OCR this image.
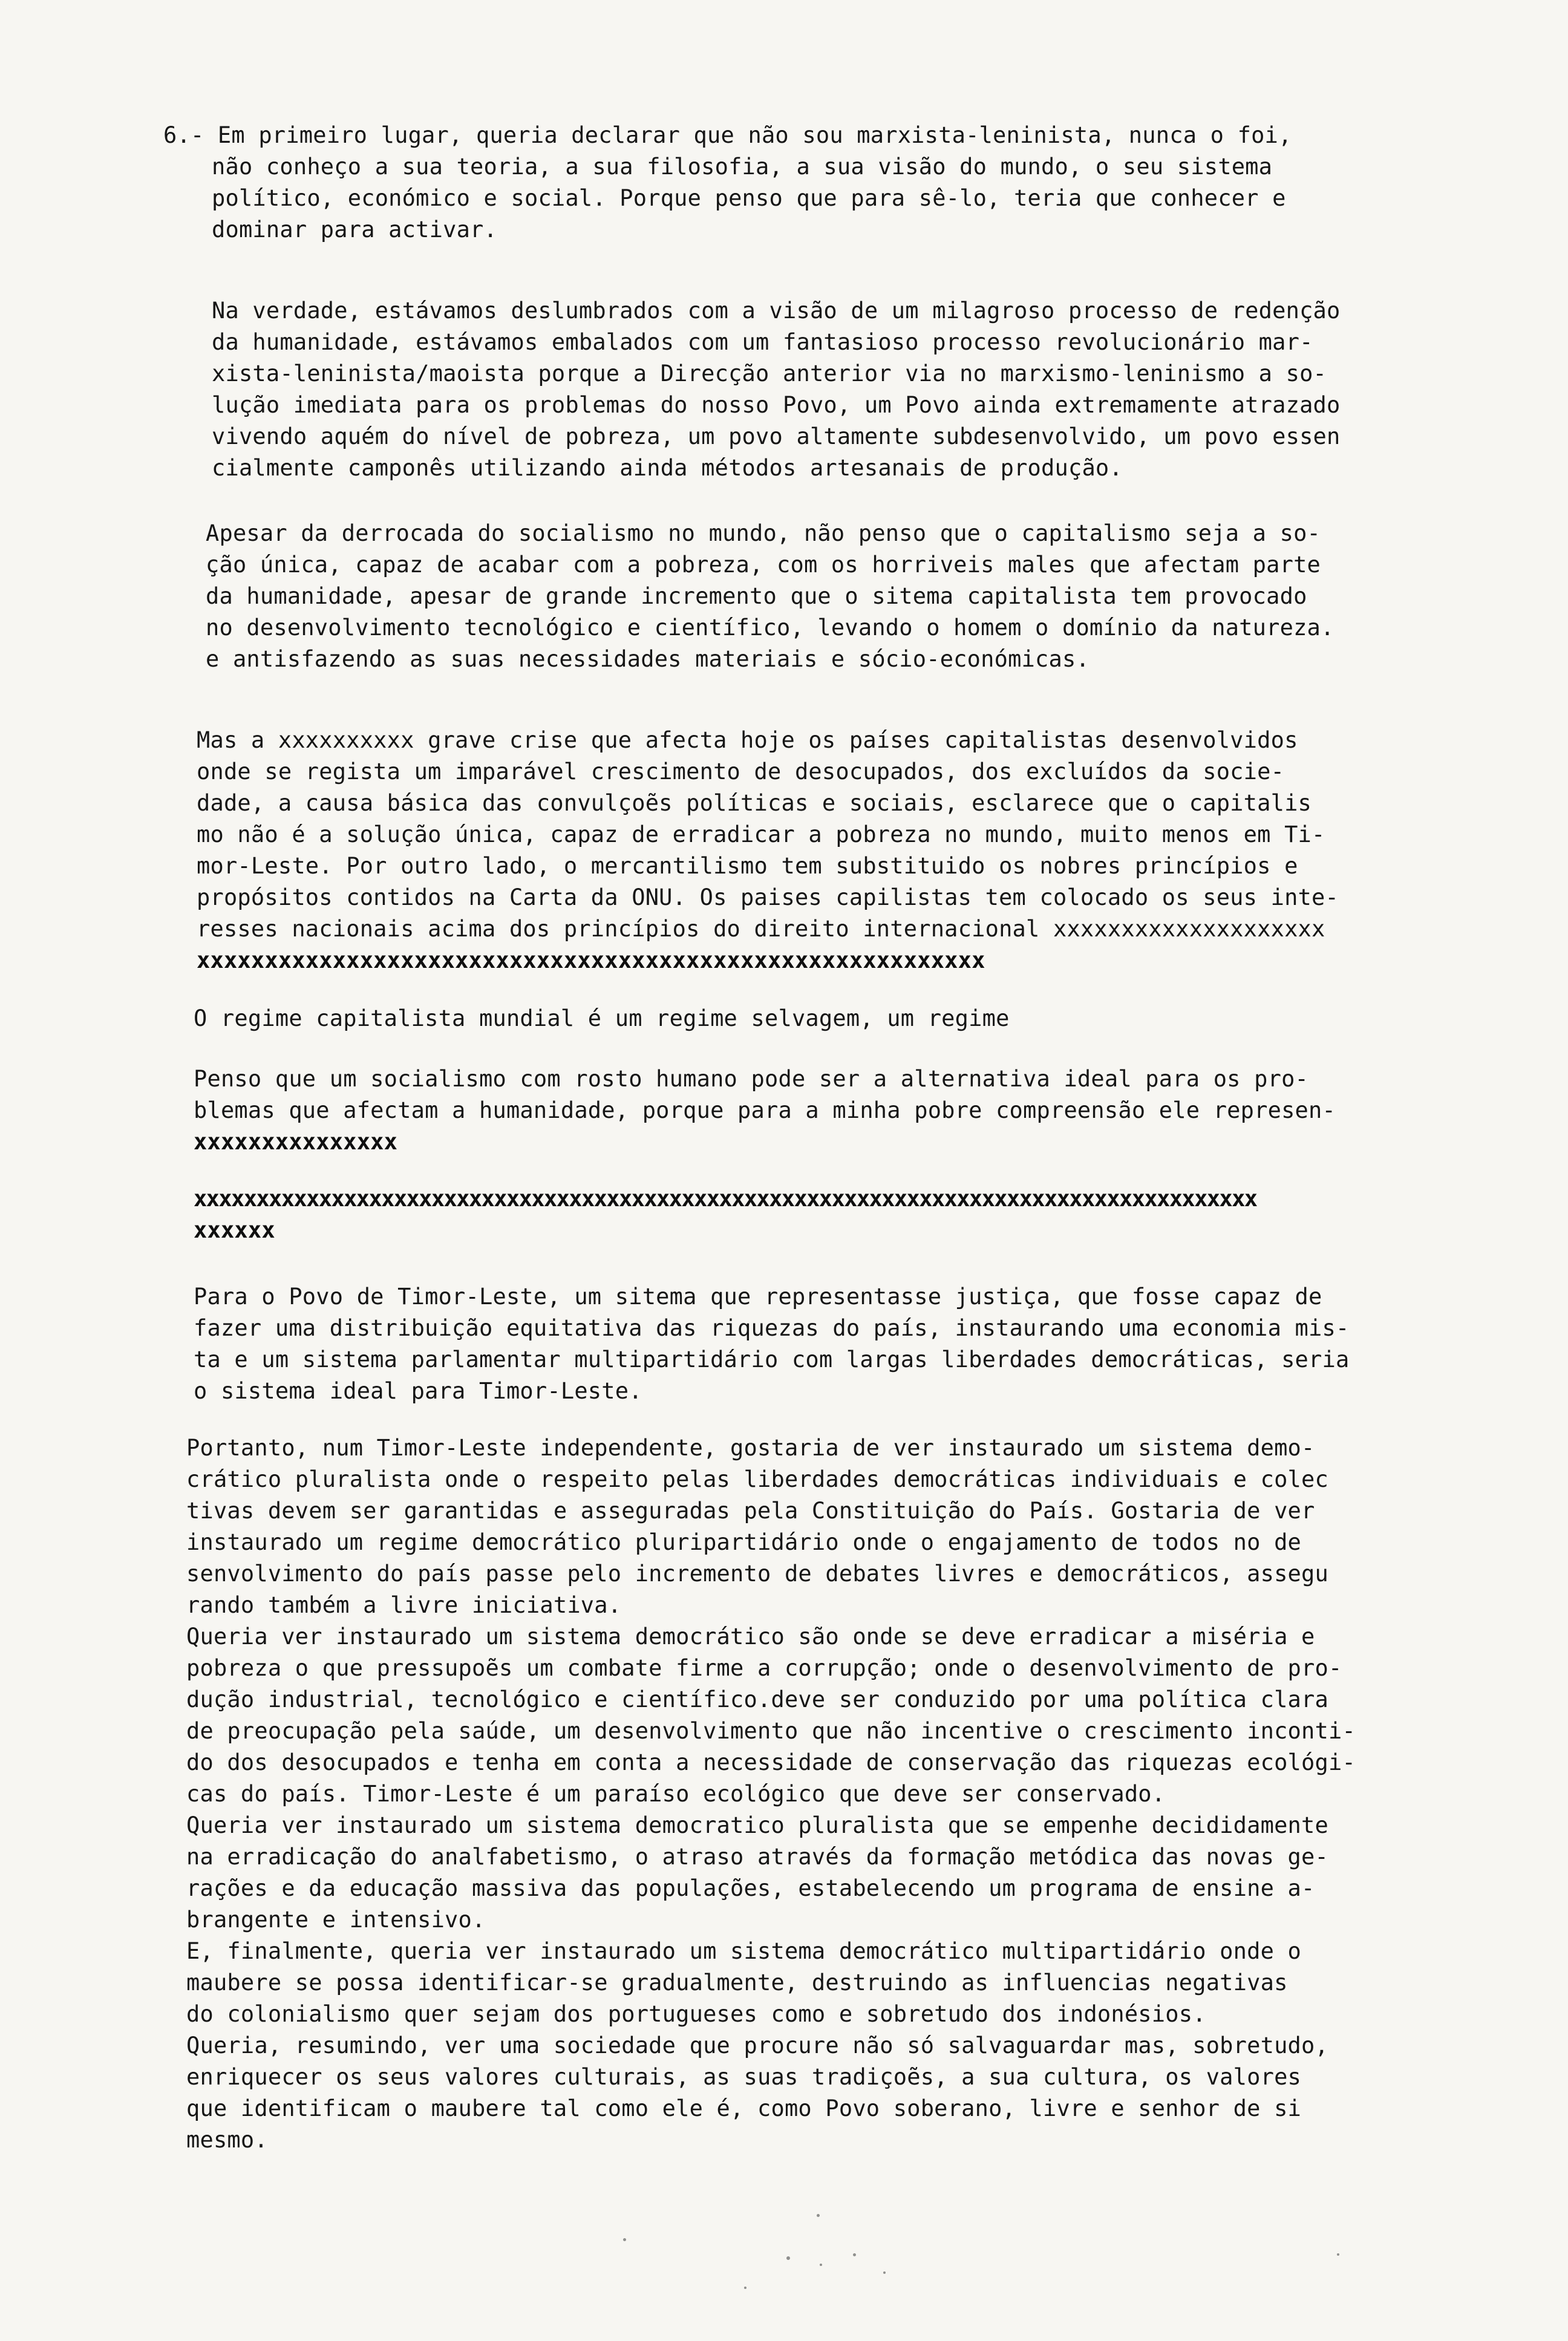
6.- Em primeiro lugar, queria declarar que não sou marxista-leninista, nunca o foi,
não conheço a sua teoria, a sua filosofia, a sua visão do mundo, o seu sistema
político, económico e social. Porque penso que para sê-lo, teria que conhecer e
dominar para activar.
Na verdade, estávamos deslumbrados com a visão de um milagroso processo de redenção
da humanidade, estávamos embalados com um fantasioso processo revolucionário mar-
xista-leninista/maoista porque a Direcção anterior via no marxismo-leninismo a so-
lução imediata para os problemas do nosso Povo, um Povo ainda extremamente atrazado
vivendo aquém do nível de pobreza, um povo altamente subdesenvolvido, um povo essen
cialmente camponês utilizando ainda métodos artesanais de produção.
Apesar da derrocada do socialismo no mundo, não penso que o capitalismo seja a so-
ção única, capaz de acabar com a pobreza, com os horriveis males que afectam parte
da humanidade, apesar de grande incremento que o sitema capitalista tem provocado
no desenvolvimento tecnológico e científico, levando o homem o domínio da natureza.
e antisfazendo as suas necessidades materiais e sócio-económicas.
Mas a xxxxxxxxxx grave crise que afecta hoje os países capitalistas desenvolvidos
onde se regista um imparável crescimento de desocupados, dos excluídos da socie-
dade, a causa básica das convulçoẽs políticas e sociais, esclarece que o capitalis
mo não é a solução única, capaz de erradicar a pobreza no mundo, muito menos em Ti-
mor-Leste. Por outro lado, o mercantilismo tem substituido os nobres princípios e
propósitos contidos na Carta da ONU. Os paises capilistas tem colocado os seus inte-
resses nacionais acima dos princípios do direito internacional xxxxxxxxxxxxxxxxxxxx
xxxxxxxxxxxxxxxxxxxxxxxxxxxxxxxxxxxxxxxxxxxxxxxxxxxxxxxxxx
O regime capitalista mundial é um regime selvagem, um regime
Penso que um socialismo com rosto humano pode ser a alternativa ideal para os pro-
blemas que afectam a humanidade, porque para a minha pobre compreensão ele represen-
xxxxxxxxxxxxxxx
xxxxxxxxxxxxxxxxxxxxxxxxxxxxxxxxxxxxxxxxxxxxxxxxxxxxxxxxxxxxxxxxxxxxxxxxxxxxxxxxxxxxx
xxxxxx
Para o Povo de Timor-Leste, um sitema que representasse justiça, que fosse capaz de
fazer uma distribuição equitativa das riquezas do país, instaurando uma economia mis-
ta e um sistema parlamentar multipartidário com largas liberdades democráticas, seria
o sistema ideal para Timor-Leste.
Portanto, num Timor-Leste independente, gostaria de ver instaurado um sistema demo-
crático pluralista onde o respeito pelas liberdades democráticas individuais e colec
tivas devem ser garantidas e asseguradas pela Constituição do País. Gostaria de ver
instaurado um regime democrático pluripartidário onde o engajamento de todos no de
senvolvimento do país passe pelo incremento de debates livres e democráticos, assegu
rando também a livre iniciativa.
Queria ver instaurado um sistema democrático são onde se deve erradicar a miséria e
pobreza o que pressupoẽs um combate firme a corrupção; onde o desenvolvimento de pro-
dução industrial, tecnológico e científico.deve ser conduzido por uma política clara
de preocupação pela saúde, um desenvolvimento que não incentive o crescimento inconti-
do dos desocupados e tenha em conta a necessidade de conservação das riquezas ecológi-
cas do país. Timor-Leste é um paraíso ecológico que deve ser conservado.
Queria ver instaurado um sistema democratico pluralista que se empenhe decididamente
na erradicação do analfabetismo, o atraso através da formação metódica das novas ge-
rações e da educação massiva das populações, estabelecendo um programa de ensine a-
brangente e intensivo.
E, finalmente, queria ver instaurado um sistema democrático multipartidário onde o
maubere se possa identificar-se gradualmente, destruindo as influencias negativas
do colonialismo quer sejam dos portugueses como e sobretudo dos indonésios.
Queria, resumindo, ver uma sociedade que procure não só salvaguardar mas, sobretudo,
enriquecer os seus valores culturais, as suas tradiçoẽs, a sua cultura, os valores
que identificam o maubere tal como ele é, como Povo soberano, livre e senhor de si
mesmo.
